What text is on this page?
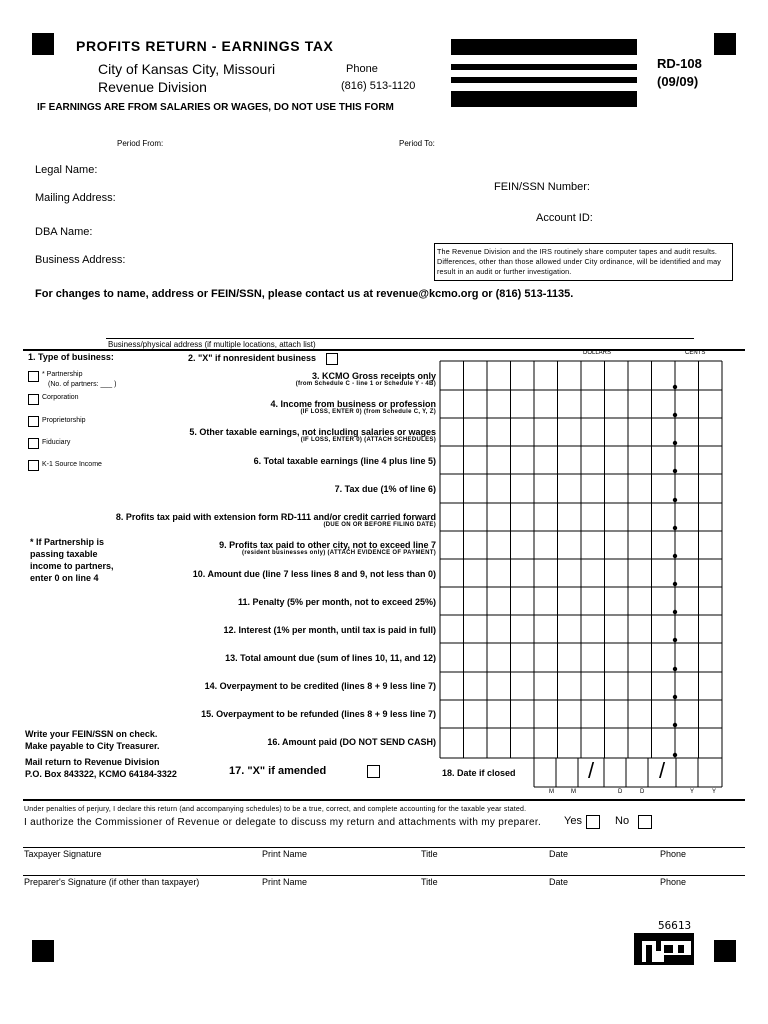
PROFITS RETURN - EARNINGS TAX
City of Kansas City, Missouri
Revenue Division
Phone
(816) 513-1120
RD-108
(09/09)
IF EARNINGS ARE FROM SALARIES OR WAGES, DO NOT USE THIS FORM
Period From:	Period To:
Legal Name:
Mailing Address:
DBA Name:
Business Address:
FEIN/SSN Number:
Account ID:
The Revenue Division and the IRS routinely share computer tapes and audit results. Differences, other than those allowed under City ordinance, will be identified and may result in an audit or further investigation.
For changes to name, address or FEIN/SSN, please contact us at revenue@kcmo.org or (816) 513-1135.
Business/physical address (if multiple locations, attach list)
DOLLARS	CENTS
1. Type of business:
* Partnership
(No. of partners: ___ )
Corporation
Proprietorship
Fiduciary
K-1 Source Income
2. "X" if nonresident business
* If Partnership is
passing taxable
income to partners,
enter 0 on line 4
3. KCMO Gross receipts only
(from Schedule C - line 1 or Schedule Y - 4B)
4. Income from business or profession
(IF LOSS, ENTER 0) (from Schedule C, Y, Z)
5. Other taxable earnings, not including salaries or wages
(IF LOSS, ENTER 0) (ATTACH SCHEDULES)
6. Total taxable earnings (line 4 plus line 5)
7. Tax due (1% of line 6)
8. Profits tax paid with extension form RD-111 and/or credit carried forward
(DUE ON OR BEFORE FILING DATE)
9. Profits tax paid to other city, not to exceed line 7
(resident businesses only) (ATTACH EVIDENCE OF PAYMENT)
10. Amount due (line 7 less lines 8 and 9, not less than 0)
11. Penalty (5% per month, not to exceed 25%)
12. Interest (1% per month, until tax is paid in full)
13. Total amount due (sum of lines 10, 11, and 12)
14. Overpayment to be credited (lines 8 + 9 less line 7)
15. Overpayment to be refunded (lines 8 + 9 less line 7)
16. Amount paid (DO NOT SEND CASH)
Write your FEIN/SSN on check.
Make payable to City Treasurer.
Mail return to Revenue Division
P.O. Box 843322, KCMO 64184-3322	17. "X" if amended	18. Date if closed	/	/
M	M	D	D	Y	Y
Under penalties of perjury, I declare this return (and accompanying schedules) to be a true, correct, and complete accounting for the taxable year stated.
I authorize the Commissioner of Revenue or delegate to discuss my return and attachments with my preparer. Yes	No
Taxpayer Signature	Print Name	Title	Date	Phone
Preparer's Signature (if other than taxpayer)	Print Name	Title	Date	Phone
56613
